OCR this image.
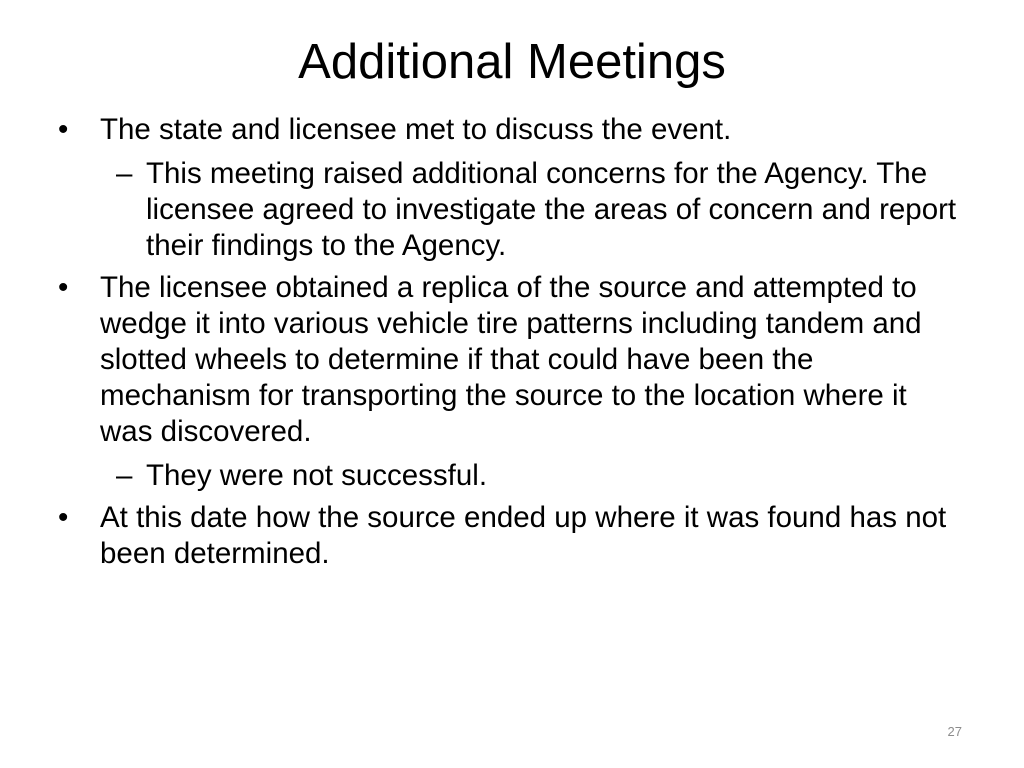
Additional Meetings
•	The state and licensee met to discuss the event.
– This meeting raised additional concerns for the Agency. The licensee agreed to investigate the areas of concern and report their findings to the Agency.
•	The licensee obtained a replica of the source and attempted to wedge it into various vehicle tire patterns including tandem and slotted wheels to determine if that could have been the mechanism for transporting the source to the location where it was discovered.
– They were not successful.
•	At this date how the source ended up where it was found has not been determined.
27
